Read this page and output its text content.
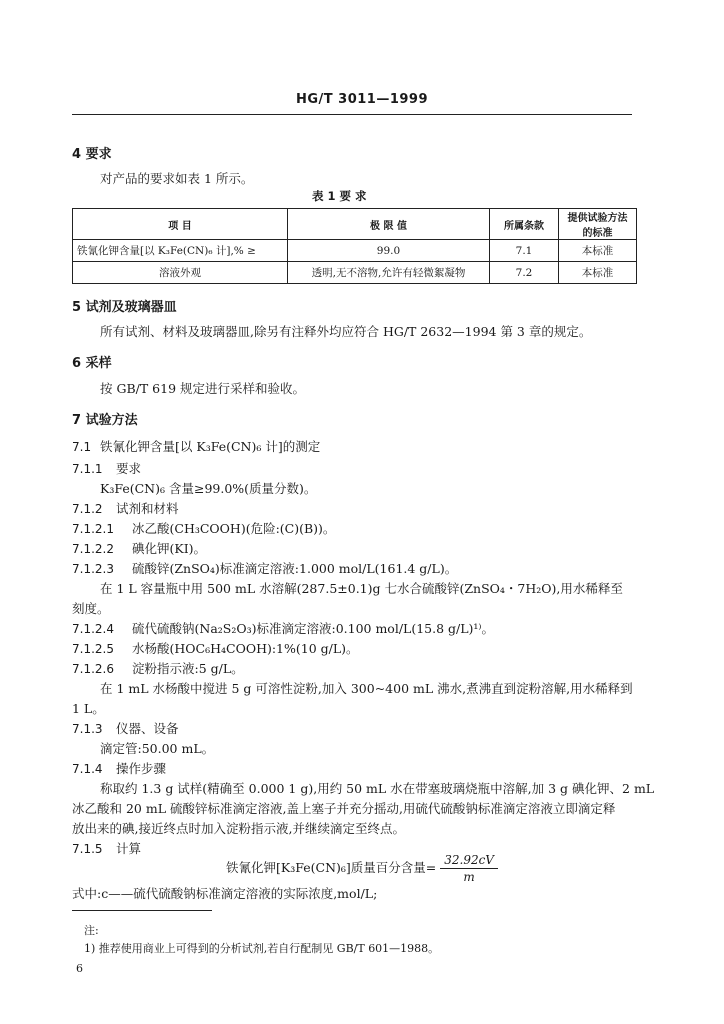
HG/T 3011—1999
4 要求
对产品的要求如表 1 所示。
表 1 要 求
项 目	极 限 值	所属条款	提供试验方法的标准
铁氰化钾含量[以 K₃Fe(CN)₆ 计],% ≥	99.0	7.1	本标准
溶液外观	透明,无不溶物,允许有轻微絮凝物	7.2	本标准
5 试剂及玻璃器皿
所有试剂、材料及玻璃器皿,除另有注释外均应符合 HG/T 2632—1994 第 3 章的规定。
6 采样
按 GB/T 619 规定进行采样和验收。
7 试验方法
7.1 铁氰化钾含量[以 K₃Fe(CN)₆ 计]的测定
7.1.1 要求
K₃Fe(CN)₆ 含量≥99.0%(质量分数)。
7.1.2 试剂和材料
7.1.2.1 冰乙酸(CH₃COOH)(危险:(C)(B))。
7.1.2.2 碘化钾(KI)。
7.1.2.3 硫酸锌(ZnSO₄)标准滴定溶液:1.000 mol/L(161.4 g/L)。
在 1 L 容量瓶中用 500 mL 水溶解(287.5±0.1)g 七水合硫酸锌(ZnSO₄・7H₂O),用水稀释至
刻度。
7.1.2.4 硫代硫酸钠(Na₂S₂O₃)标准滴定溶液:0.100 mol/L(15.8 g/L)¹⁾。
7.1.2.5 水杨酸(HOC₆H₄COOH):1%(10 g/L)。
7.1.2.6 淀粉指示液:5 g/L。
在 1 mL 水杨酸中搅进 5 g 可溶性淀粉,加入 300~400 mL 沸水,煮沸直到淀粉溶解,用水稀释到
1 L。
7.1.3 仪器、设备
滴定管:50.00 mL。
7.1.4 操作步骤
称取约 1.3 g 试样(精确至 0.000 1 g),用约 50 mL 水在带塞玻璃烧瓶中溶解,加 3 g 碘化钾、2 mL
冰乙酸和 20 mL 硫酸锌标准滴定溶液,盖上塞子并充分摇动,用硫代硫酸钠标准滴定溶液立即滴定释
放出来的碘,接近终点时加入淀粉指示液,并继续滴定至终点。
7.1.5 计算
铁氰化钾[K₃Fe(CN)₆]质量百分含量= $\frac{32.92cV}{m}$
式中:c——硫代硫酸钠标准滴定溶液的实际浓度,mol/L;
注:
1) 推荐使用商业上可得到的分析试剂,若自行配制见 GB/T 601—1988。
6
